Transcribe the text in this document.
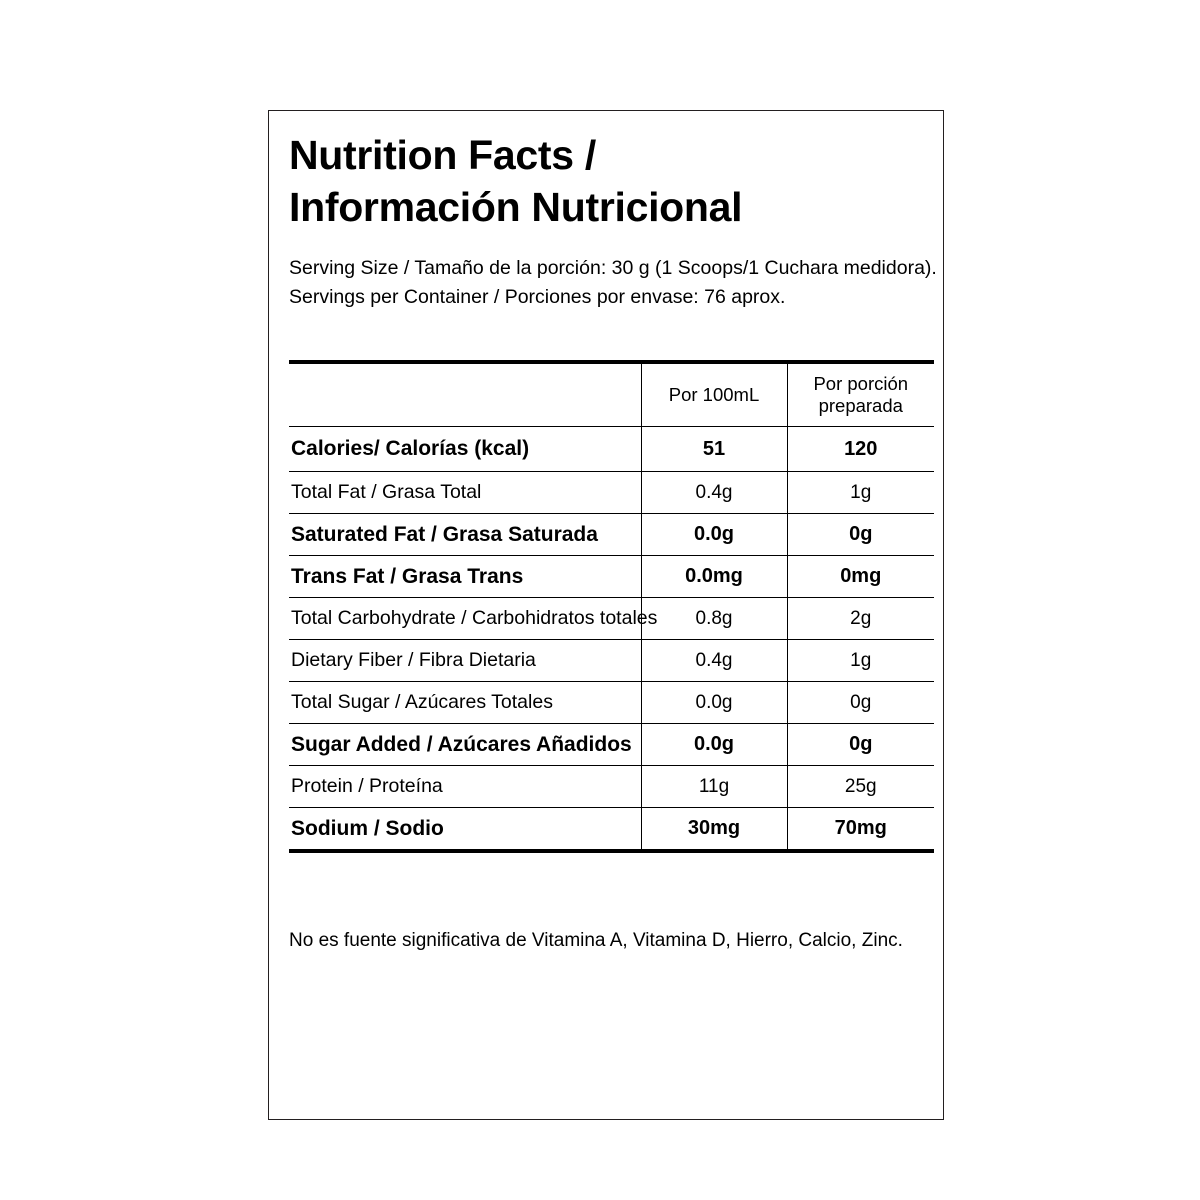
Nutrition Facts /
Información Nutricional
Serving Size / Tamaño de la porción: 30 g (1 Scoops/1 Cuchara medidora).
Servings per Container / Porciones por envase: 76 aprox.

	Por 100mL	Por porción
preparada
Calories/ Calorías (kcal)	51	120
Total Fat / Grasa Total	0.4g	1g
Saturated Fat / Grasa Saturada	0.0g	0g
Trans Fat / Grasa Trans	0.0mg	0mg
Total Carbohydrate / Carbohidratos totales	0.8g	2g
Dietary Fiber / Fibra Dietaria	0.4g	1g
Total Sugar / Azúcares Totales	0.0g	0g
Sugar Added / Azúcares Añadidos	0.0g	0g
Protein / Proteína	11g	25g
Sodium / Sodio	30mg	70mg

No es fuente significativa de Vitamina A, Vitamina D, Hierro, Calcio, Zinc.
